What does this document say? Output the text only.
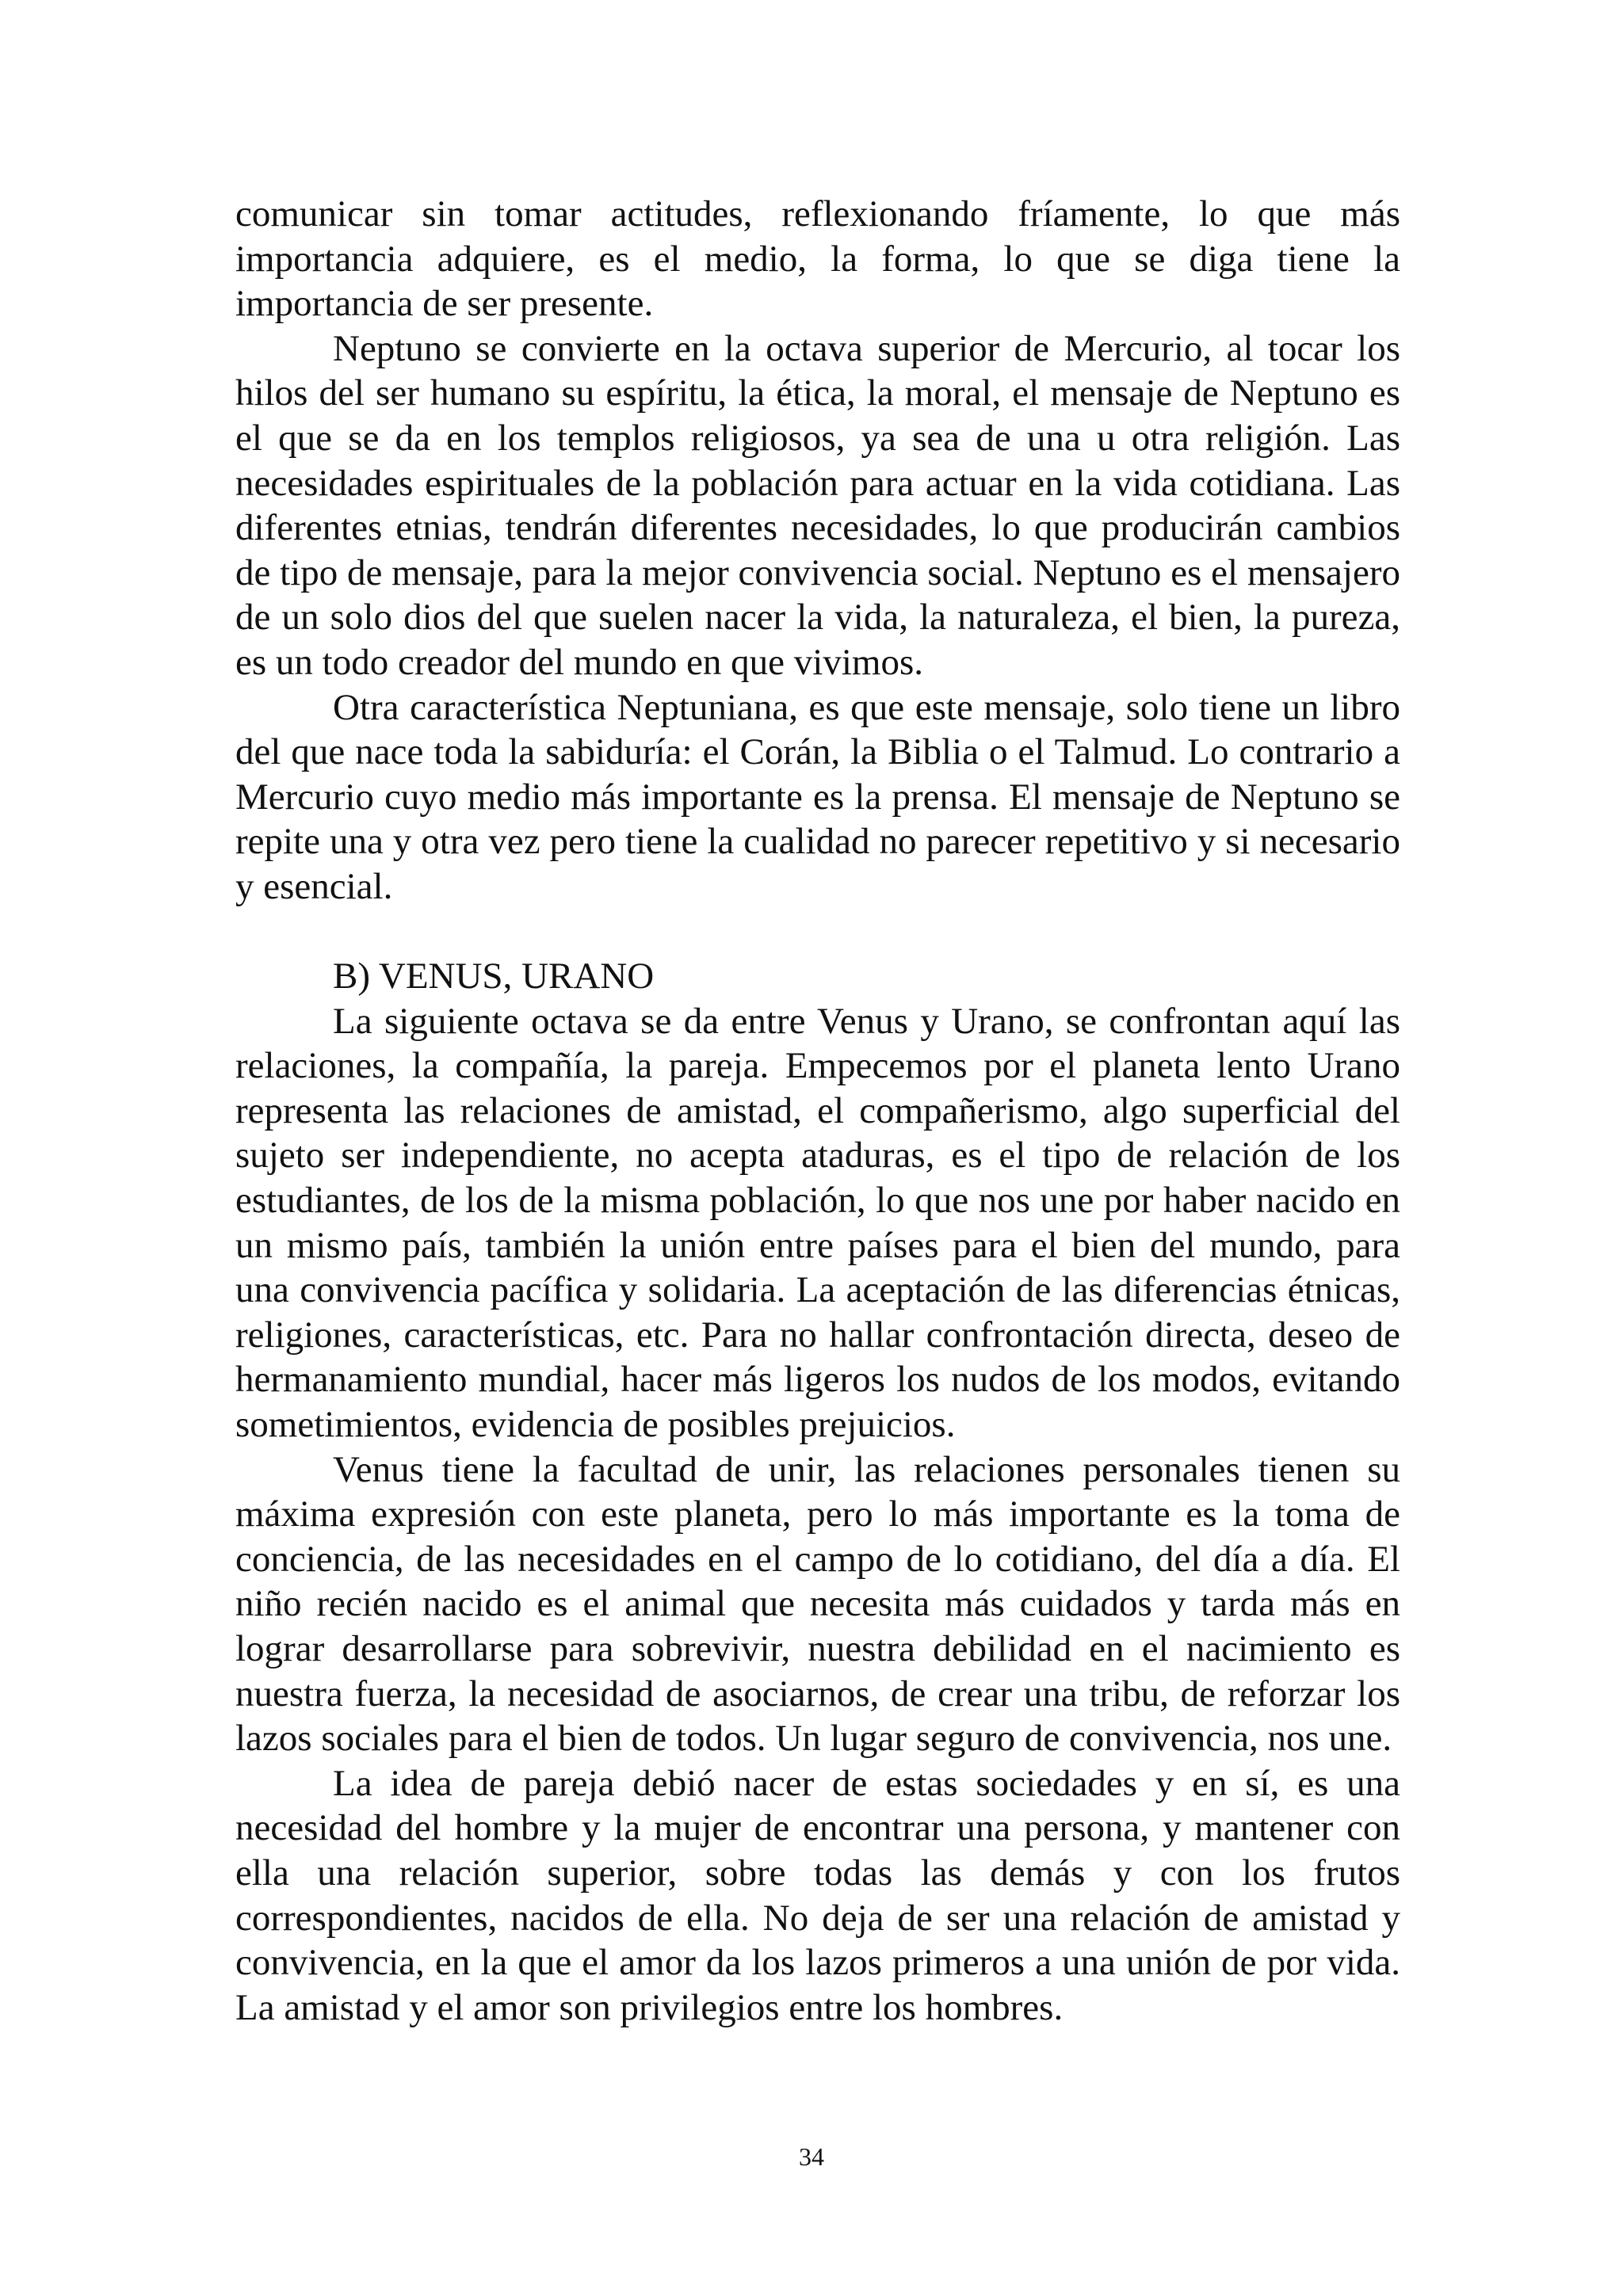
comunicar sin tomar actitudes, reflexionando fríamente, lo que más importancia adquiere, es el medio, la forma, lo que se diga tiene la importancia de ser presente.

Neptuno se convierte en la octava superior de Mercurio, al tocar los hilos del ser humano su espíritu, la ética, la moral, el mensaje de Neptuno es el que se da en los templos religiosos, ya sea de una u otra religión. Las necesidades espirituales de la población para actuar en la vida cotidiana. Las diferentes etnias, tendrán diferentes necesidades, lo que producirán cambios de tipo de mensaje, para la mejor convivencia social. Neptuno es el mensajero de un solo dios del que suelen nacer la vida, la naturaleza, el bien, la pureza, es un todo creador del mundo en que vivimos.

Otra característica Neptuniana, es que este mensaje, solo tiene un libro del que nace toda la sabiduría: el Corán, la Biblia o el Talmud. Lo contrario a Mercurio cuyo medio más importante es la prensa. El mensaje de Neptuno se repite una y otra vez pero tiene la cualidad no parecer repetitivo y si necesario y esencial.

B) VENUS, URANO

La siguiente octava se da entre Venus y Urano, se confrontan aquí las relaciones, la compañía, la pareja. Empecemos por el planeta lento Urano representa las relaciones de amistad, el compañerismo, algo superficial del sujeto ser independiente, no acepta ataduras, es el tipo de relación de los estudiantes, de los de la misma población, lo que nos une por haber nacido en un mismo país, también la unión entre países para el bien del mundo, para una convivencia pacífica y solidaria. La aceptación de las diferencias étnicas, religiones, características, etc. Para no hallar confrontación directa, deseo de hermanamiento mundial, hacer más ligeros los nudos de los modos, evitando sometimientos, evidencia de posibles prejuicios.

Venus tiene la facultad de unir, las relaciones personales tienen su máxima expresión con este planeta, pero lo más importante es la toma de conciencia, de las necesidades en el campo de lo cotidiano, del día a día. El niño recién nacido es el animal que necesita más cuidados y tarda más en lograr desarrollarse para sobrevivir, nuestra debilidad en el nacimiento es nuestra fuerza, la necesidad de asociarnos, de crear una tribu, de reforzar los lazos sociales para el bien de todos. Un lugar seguro de convivencia, nos une.

La idea de pareja debió nacer de estas sociedades y en sí, es una necesidad del hombre y la mujer de encontrar una persona, y mantener con ella una relación superior, sobre todas las demás y con los frutos correspondientes, nacidos de ella. No deja de ser una relación de amistad y convivencia, en la que el amor da los lazos primeros a una unión de por vida. La amistad y el amor son privilegios entre los hombres.

34
